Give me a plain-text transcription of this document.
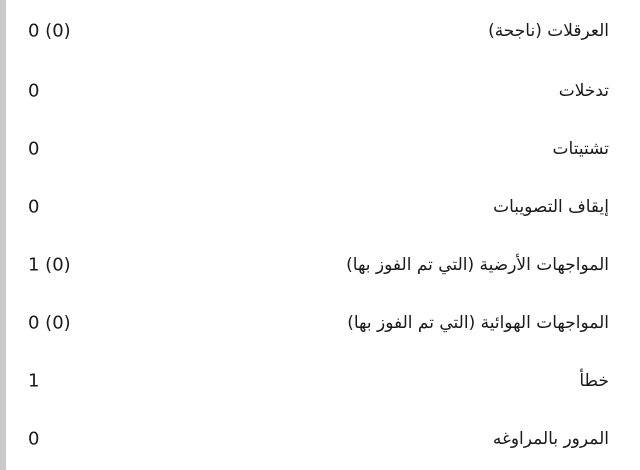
0 (0)	العرقلات (ناجحة)
0	تدخلات
0	تشتيتات
0	إيقاف التصويبات
1 (0)	المواجهات الأرضية (التي تم الفوز بها)
0 (0)	المواجهات الهوائية (التي تم الفوز بها)
1	خطأ
0	المرور بالمراوغه
